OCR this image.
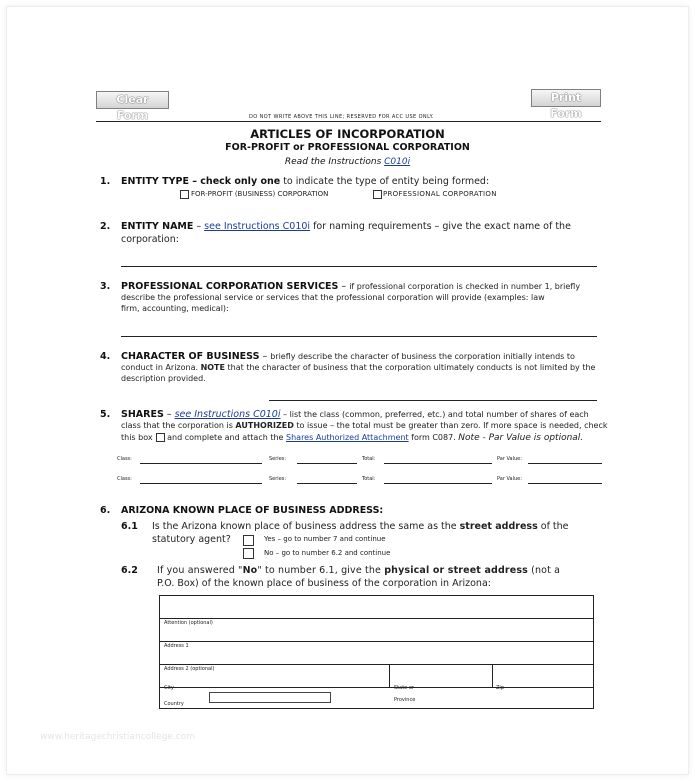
Clear Form
Print Form
DO NOT WRITE ABOVE THIS LINE; RESERVED FOR ACC USE ONLY.
ARTICLES OF INCORPORATION
FOR-PROFIT or PROFESSIONAL CORPORATION
Read the Instructions C010i
1. ENTITY TYPE – check only one to indicate the type of entity being formed:
FOR-PROFIT (BUSINESS) CORPORATION	PROFESSIONAL CORPORATION
2. ENTITY NAME – see Instructions C010i for naming requirements – give the exact name of the
corporation:
3. PROFESSIONAL CORPORATION SERVICES – if professional corporation is checked in number 1, briefly
describe the professional service or services that the professional corporation will provide (examples: law
firm, accounting, medical):
4. CHARACTER OF BUSINESS – briefly describe the character of business the corporation initially intends to
conduct in Arizona. NOTE that the character of business that the corporation ultimately conducts is not limited by the
description provided.
5. SHARES – see Instructions C010i – list the class (common, preferred, etc.) and total number of shares of each
class that the corporation is AUTHORIZED to issue – the total must be greater than zero. If more space is needed, check
this box and complete and attach the Shares Authorized Attachment form C087. Note - Par Value is optional.
Class:	Series:	Total:	Par Value:
Class:	Series:	Total:	Par Value:
6. ARIZONA KNOWN PLACE OF BUSINESS ADDRESS:
6.1 Is the Arizona known place of business address the same as the street address of the
statutory agent?	Yes – go to number 7 and continue
No – go to number 6.2 and continue
6.2 If you answered "No" to number 6.1, give the physical or street address (not a
P.O. Box) of the known place of business of the corporation in Arizona:
Attention (optional)
Address 1
Address 2 (optional)
City	State or	Zip
Country
Province
www.heritagechristiancollege.com
